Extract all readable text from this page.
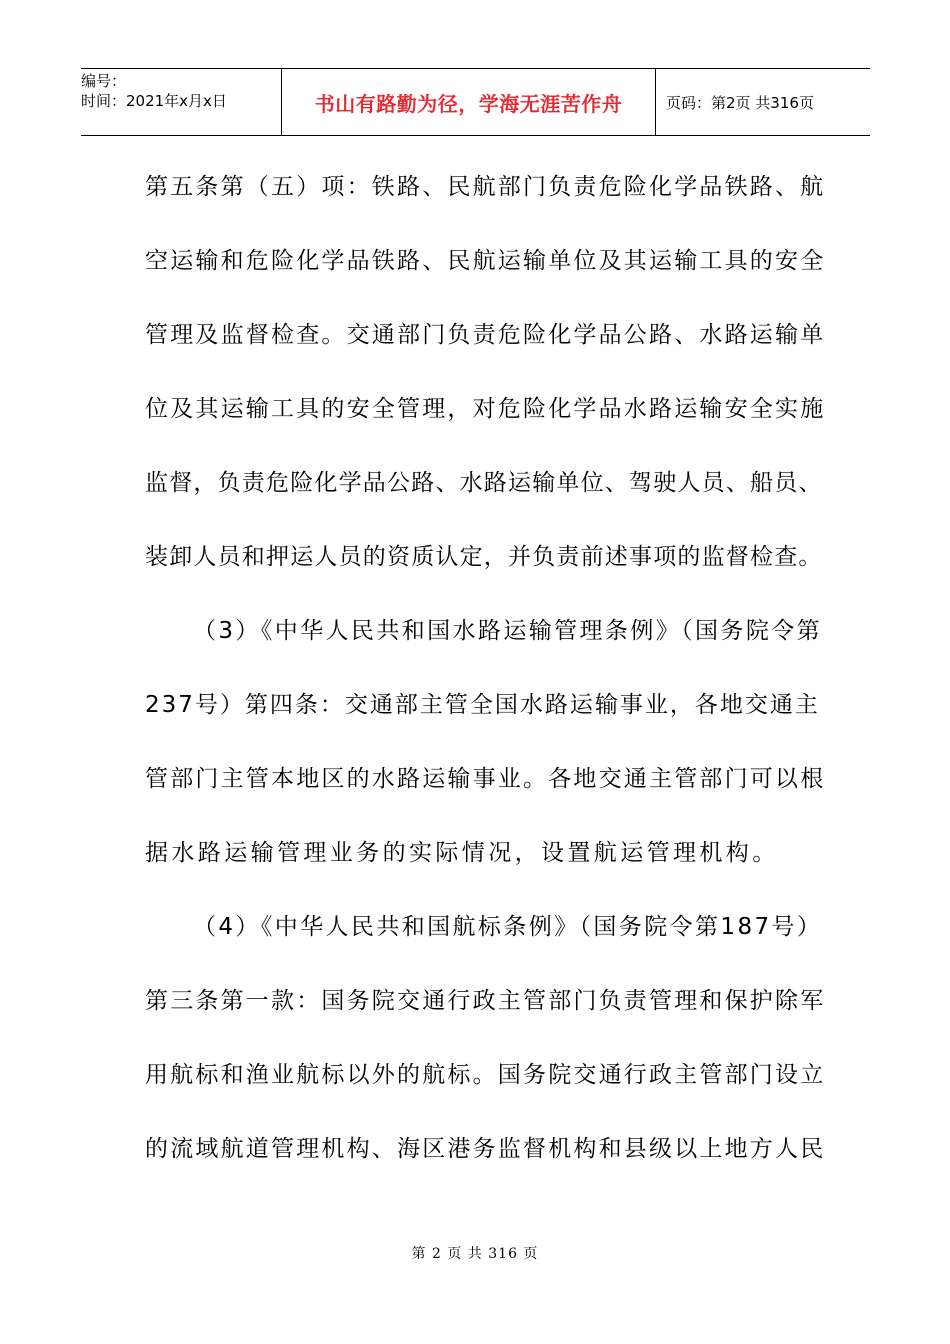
编号：
时间：2021年x月x日	书山有路勤为径，学海无涯苦作舟	页码：第2页 共316页
第五条第（五）项：铁路、民航部门负责危险化学品铁路、航
空运输和危险化学品铁路、民航运输单位及其运输工具的安全
管理及监督检查。交通部门负责危险化学品公路、水路运输单
位及其运输工具的安全管理，对危险化学品水路运输安全实施
监督，负责危险化学品公路、水路运输单位、驾驶人员、船员、
装卸人员和押运人员的资质认定，并负责前述事项的监督检查。
（3）《中华人民共和国水路运输管理条例》（国务院令第
237号）第四条：交通部主管全国水路运输事业，各地交通主
管部门主管本地区的水路运输事业。各地交通主管部门可以根
据水路运输管理业务的实际情况，设置航运管理机构。
（4）《中华人民共和国航标条例》（国务院令第187号）
第三条第一款：国务院交通行政主管部门负责管理和保护除军
用航标和渔业航标以外的航标。国务院交通行政主管部门设立
的流域航道管理机构、海区港务监督机构和县级以上地方人民
第 2 页 共 316 页
